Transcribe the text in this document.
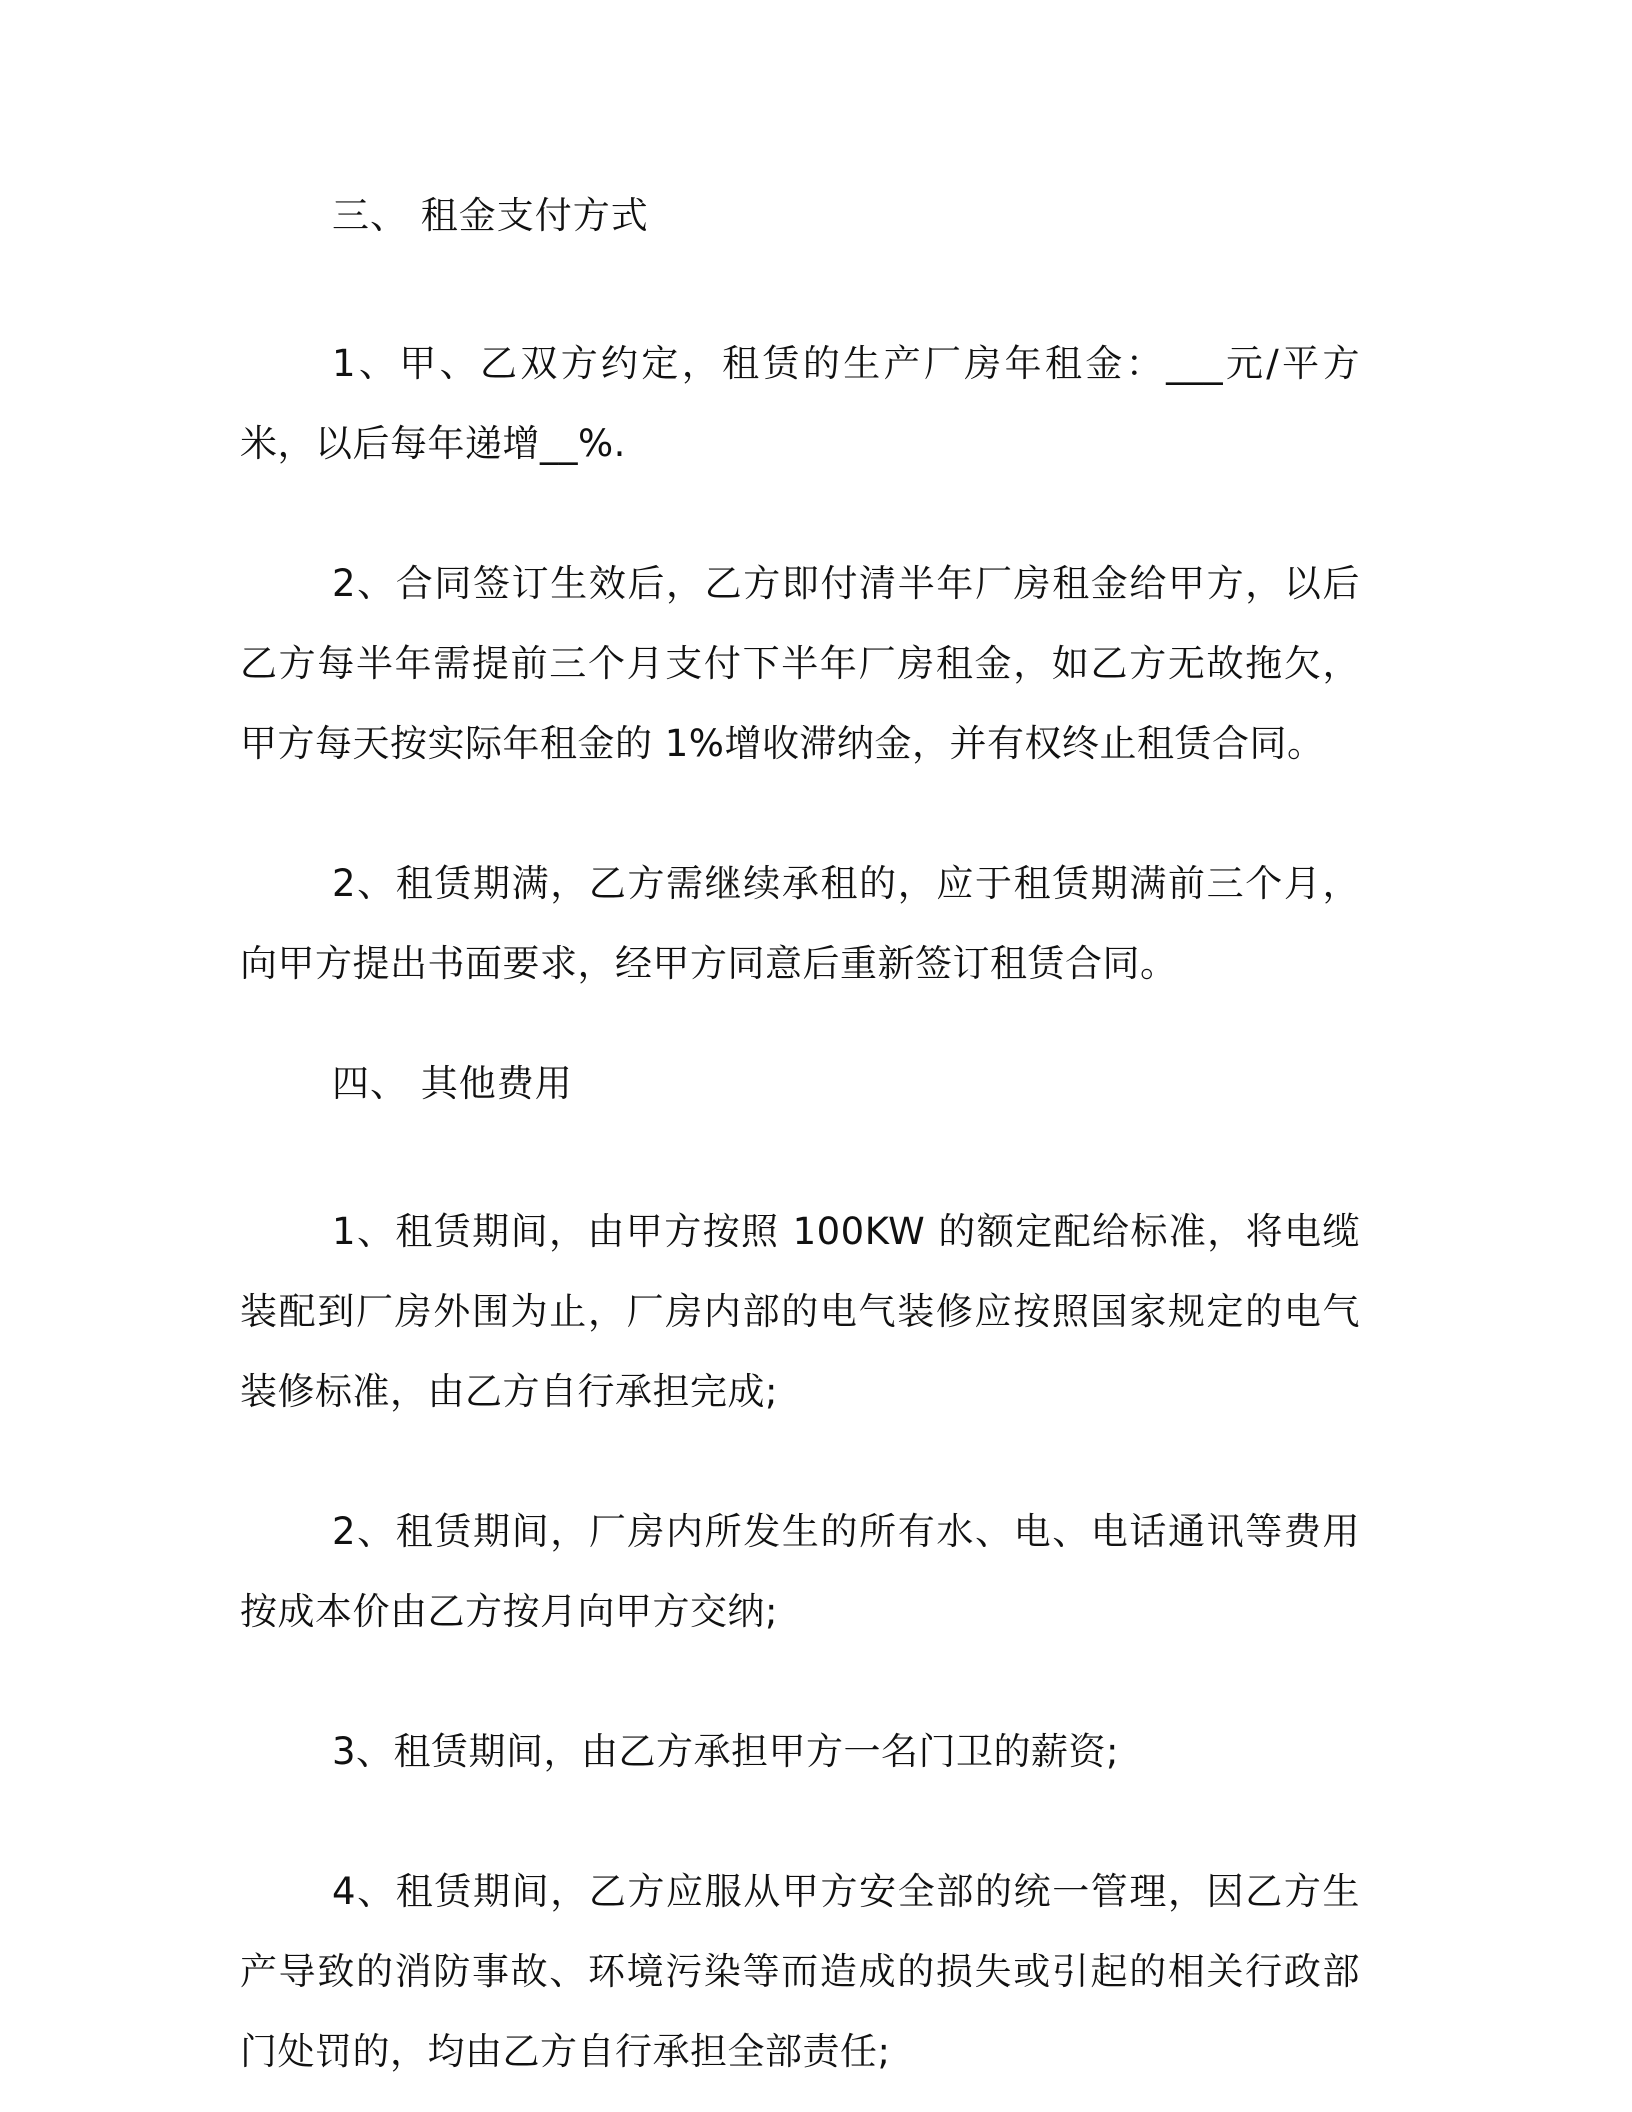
三、 租金支付方式

1、甲、乙双方约定，租赁的生产厂房年租金：___元/平方米，以后每年递增__%.

2、合同签订生效后，乙方即付清半年厂房租金给甲方，以后乙方每半年需提前三个月支付下半年厂房租金，如乙方无故拖欠，甲方每天按实际年租金的 1%增收滞纳金，并有权终止租赁合同。

2、租赁期满，乙方需继续承租的，应于租赁期满前三个月，向甲方提出书面要求，经甲方同意后重新签订租赁合同。

四、 其他费用

1、租赁期间，由甲方按照 100KW 的额定配给标准，将电缆装配到厂房外围为止，厂房内部的电气装修应按照国家规定的电气装修标准，由乙方自行承担完成;

2、租赁期间，厂房内所发生的所有水、电、电话通讯等费用按成本价由乙方按月向甲方交纳;

3、租赁期间，由乙方承担甲方一名门卫的薪资;

4、租赁期间，乙方应服从甲方安全部的统一管理，因乙方生产导致的消防事故、环境污染等而造成的损失或引起的相关行政部门处罚的，均由乙方自行承担全部责任;
